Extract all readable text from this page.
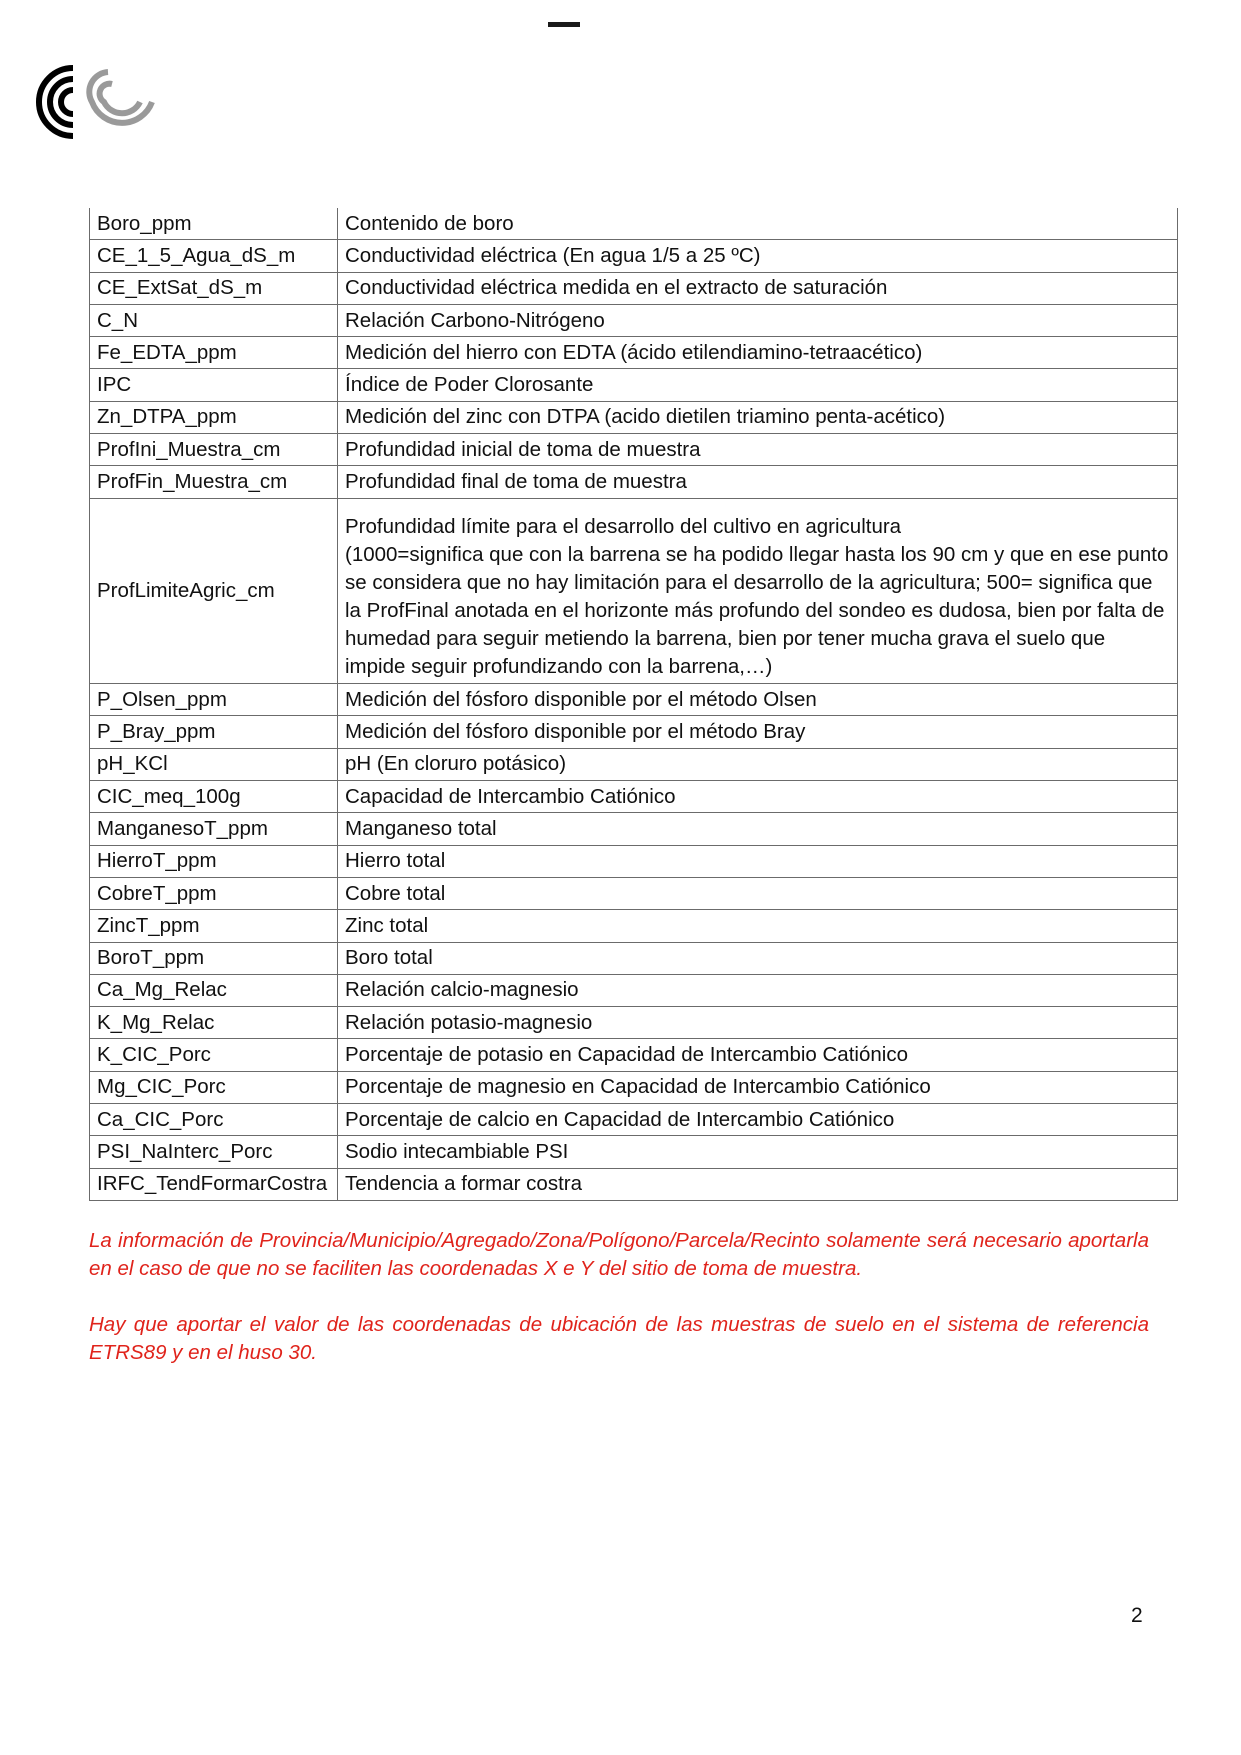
Boro_ppm	Contenido de boro
CE_1_5_Agua_dS_m	Conductividad eléctrica (En agua 1/5 a 25 ºC)
CE_ExtSat_dS_m	Conductividad eléctrica medida en el extracto de saturación
C_N	Relación Carbono-Nitrógeno
Fe_EDTA_ppm	Medición del hierro con EDTA (ácido etilendiamino-tetraacético)
IPC	Índice de Poder Clorosante
Zn_DTPA_ppm	Medición del zinc con DTPA (acido dietilen triamino penta-acético)
ProfIni_Muestra_cm	Profundidad inicial de toma de muestra
ProfFin_Muestra_cm	Profundidad final de toma de muestra
ProfLimiteAgric_cm	Profundidad límite para el desarrollo del cultivo en agricultura
(1000=significa que con la barrena se ha podido llegar hasta los 90 cm y que en ese punto se considera que no hay limitación para el desarrollo de la agricultura; 500= significa que la ProfFinal anotada en el horizonte más profundo del sondeo es dudosa, bien por falta de humedad para seguir metiendo la barrena, bien por tener mucha grava el suelo que impide seguir profundizando con la barrena,…)

P_Olsen_ppm	Medición del fósforo disponible por el método Olsen
P_Bray_ppm	Medición del fósforo disponible por el método Bray
pH_KCl	pH (En cloruro potásico)
CIC_meq_100g	Capacidad de Intercambio Catiónico
ManganesoT_ppm	Manganeso total
HierroT_ppm	Hierro total
CobreT_ppm	Cobre total
ZincT_ppm	Zinc total
BoroT_ppm	Boro total
Ca_Mg_Relac	Relación calcio-magnesio
K_Mg_Relac	Relación potasio-magnesio
K_CIC_Porc	Porcentaje de potasio en Capacidad de Intercambio Catiónico
Mg_CIC_Porc	Porcentaje de magnesio en Capacidad de Intercambio Catiónico
Ca_CIC_Porc	Porcentaje de calcio en Capacidad de Intercambio Catiónico
PSI_NaInterc_Porc	Sodio intecambiable PSI
IRFC_TendFormarCostra	Tendencia a formar costra

La información de Provincia/Municipio/Agregado/Zona/Polígono/Parcela/Recinto solamente será necesario aportarla en el caso de que no se faciliten las coordenadas X e Y del sitio de toma de muestra.

Hay que aportar el valor de las coordenadas de ubicación de las muestras de suelo en el sistema de referencia ETRS89 y en el huso 30.

2
